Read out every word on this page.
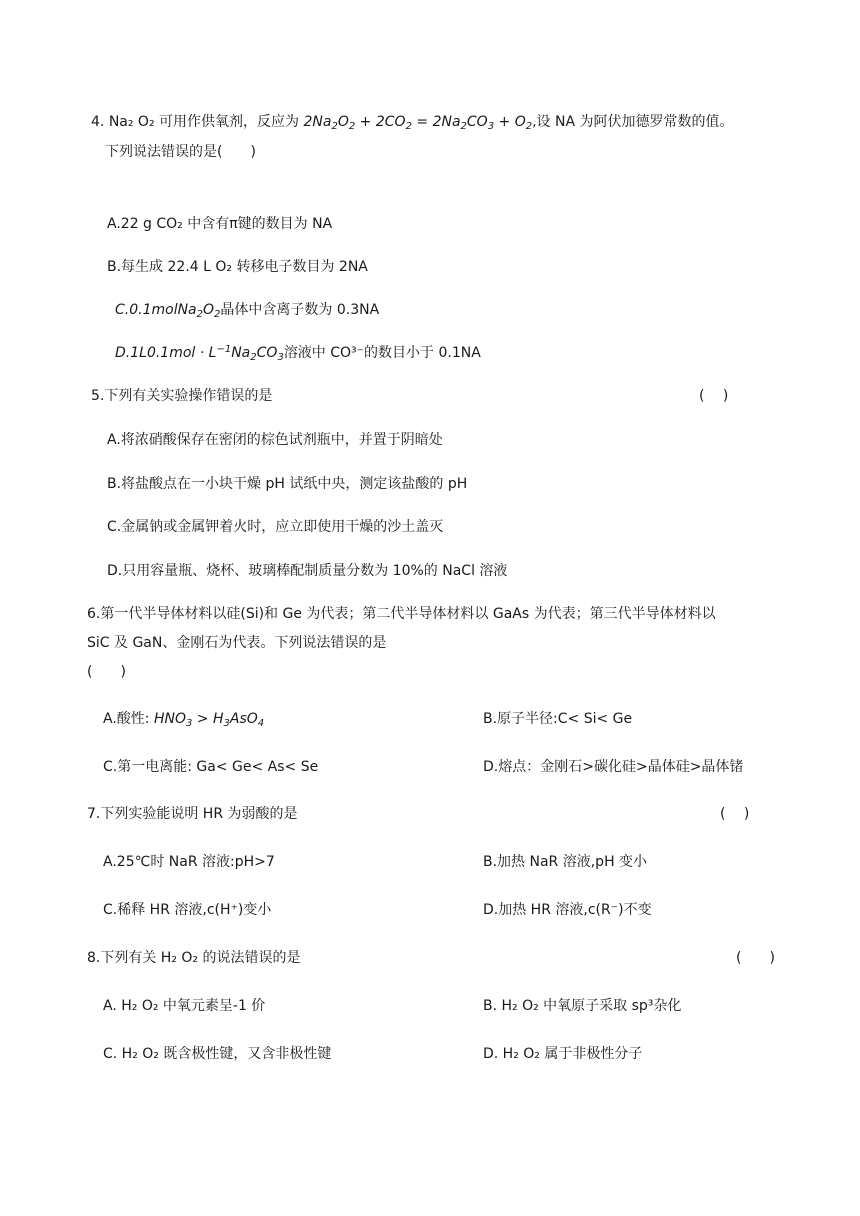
4. Na₂ O₂ 可用作供氧剂，反应为 $2Na_2O_2 + 2CO_2 = 2Na_2CO_3 + O_2$,设 NA 为阿伏加德罗常数的值。

下列说法错误的是(　　)

A.22 g CO₂ 中含有π键的数目为 NA

B.每生成 22.4 L O₂ 转移电子数目为 2NA

$C.0.1molNa_2O_2$晶体中含离子数为 0.3NA

$D.1L0.1mol \cdot L^{-1}Na_2CO_3$溶液中 CO³⁻的数目小于 0.1NA

5.下列有关实验操作错误的是	(　 )

A.将浓硝酸保存在密闭的棕色试剂瓶中，并置于阴暗处

B.将盐酸点在一小块干燥 pH 试纸中央，测定该盐酸的 pH

C.金属钠或金属钾着火时，应立即使用干燥的沙土盖灭

D.只用容量瓶、烧杯、玻璃棒配制质量分数为 10%的 NaCl 溶液

6.第一代半导体材料以硅(Si)和 Ge 为代表；第二代半导体材料以 GaAs 为代表；第三代半导体材料以

SiC 及 GaN、金刚石为代表。下列说法错误的是

(　　)

A.酸性: $HNO_3 > H_3AsO_4$	B.原子半径:C< Si< Ge

C.第一电离能: Ga< Ge< As< Se	D.熔点：金刚石>碳化硅>晶体硅>晶体锗

7.下列实验能说明 HR 为弱酸的是	(　 )

A.25℃时 NaR 溶液:pH>7	B.加热 NaR 溶液,pH 变小

C.稀释 HR 溶液,c(H⁺)变小	D.加热 HR 溶液,c(R⁻)不变

8.下列有关 H₂ O₂ 的说法错误的是	(　　)

A. H₂ O₂ 中氧元素呈-1 价	B. H₂ O₂ 中氧原子采取 sp³杂化

C. H₂ O₂ 既含极性键，又含非极性键	D. H₂ O₂ 属于非极性分子
